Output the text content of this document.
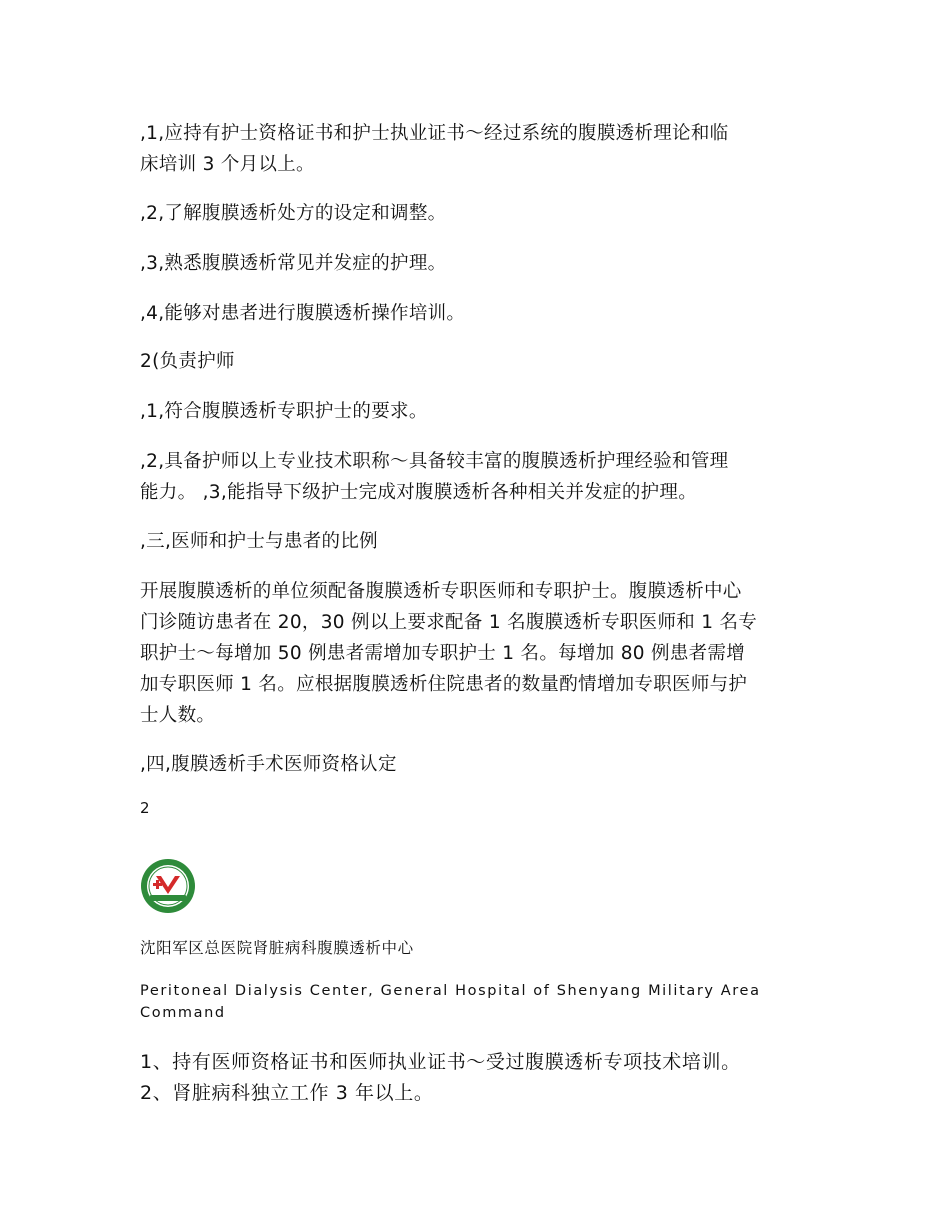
,1,应持有护士资格证书和护士执业证书～经过系统的腹膜透析理论和临
床培训 3 个月以上。

,2,了解腹膜透析处方的设定和调整。

,3,熟悉腹膜透析常见并发症的护理。

,4,能够对患者进行腹膜透析操作培训。

2(负责护师

,1,符合腹膜透析专职护士的要求。

,2,具备护师以上专业技术职称～具备较丰富的腹膜透析护理经验和管理
能力。 ,3,能指导下级护士完成对腹膜透析各种相关并发症的护理。

,三,医师和护士与患者的比例

开展腹膜透析的单位须配备腹膜透析专职医师和专职护士。腹膜透析中心
门诊随访患者在 20，30 例以上要求配备 1 名腹膜透析专职医师和 1 名专
职护士～每增加 50 例患者需增加专职护士 1 名。每增加 80 例患者需增
加专职医师 1 名。应根据腹膜透析住院患者的数量酌情增加专职医师与护
士人数。

,四,腹膜透析手术医师资格认定

2
沈阳军区总医院肾脏病科腹膜透析中心
Peritoneal Dialysis Center, General Hospital of Shenyang Military Area
Command
1、持有医师资格证书和医师执业证书～受过腹膜透析专项技术培训。
2、肾脏病科独立工作 3 年以上。
